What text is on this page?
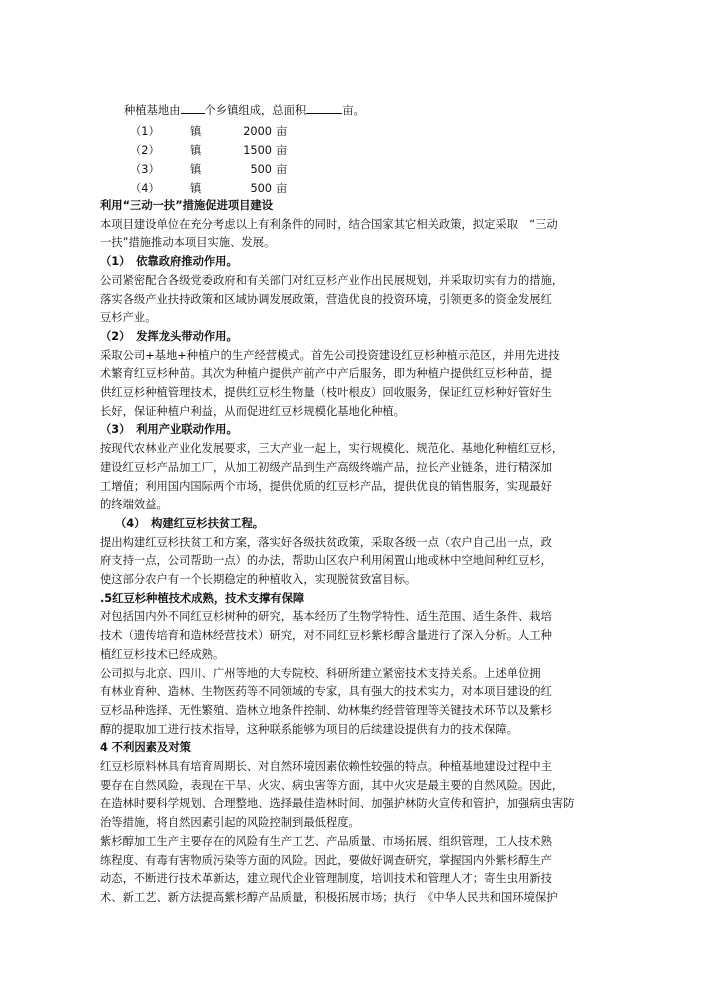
种植基地由 个乡镇组成，总面积	亩。
（1）	镇	2000 亩
（2）	镇	1500 亩
（3）	镇	500 亩
（4）	镇	500 亩
利用“三动一扶”措施促进项目建设
本项目建设单位在充分考虑以上有利条件的同时，结合国家其它相关政策，拟定采取　“三动
一扶”措施推动本项目实施、发展。
（1）　依靠政府推动作用。
公司紧密配合各级党委政府和有关部门对红豆杉产业作出民展规划，并采取切实有力的措施，
落实各级产业扶持政策和区域协调发展政策，营造优良的投资环境，引领更多的资金发展红
豆杉产业。
（2）　发挥龙头带动作用。
采取公司+基地+种植户的生产经营模式。首先公司投资建设红豆杉种植示范区，并用先进技
术繁育红豆杉种苗。其次为种植户提供产前产中产后服务，即为种植户提供红豆杉种苗，提
供红豆杉种植管理技术，提供红豆杉生物量（枝叶根皮）回收服务，保证红豆杉种好管好生
长好，保证种植户利益，从而促进红豆杉规模化基地化种植。
（3）　利用产业联动作用。
按现代农林业产业化发展要求，三大产业一起上，实行规模化、规范化、基地化种植红豆杉，
建设红豆杉产品加工厂，从加工初级产品到生产高级终端产品，拉长产业链条，进行精深加
工增值；利用国内国际两个市场，提供优质的红豆杉产品，提供优良的销售服务，实现最好
的终端效益。
（4）　构建红豆杉扶贫工程。
提出构建红豆杉扶贫工和方案，落实好各级扶贫政策，采取各级一点（农户自己出一点，政
府支持一点，公司帮助一点）的办法，帮助山区农户利用闲置山地或林中空地间种红豆杉，
使这部分农户有一个长期稳定的种植收入，实现脱贫致富目标。
.5红豆杉种植技术成熟，技术支撑有保障
对包括国内外不同红豆杉树种的研究，基本经历了生物学特性、适生范围、适生条件、栽培
技术（遗传培育和造林经营技术）研究，对不同红豆杉紫杉醇含量进行了深入分析。人工种
植红豆杉技术已经成熟。
公司拟与北京、四川、广州等地的大专院校、科研所建立紧密技术支持关系。上述单位拥
有林业育种、造林、生物医药等不同领域的专家，具有强大的技术实力，对本项目建设的红
豆杉品种选择、无性繁殖、造林立地条件控制、幼林集约经营管理等关键技术环节以及紫杉
醇的提取加工进行技术指导，这种联系能够为项目的后续建设提供有力的技术保障。
4 不利因素及对策
红豆杉原料林具有培育周期长、对自然环境因素依赖性较强的特点。种植基地建设过程中主
要存在自然风险，表现在干旱、火灾、病虫害等方面，其中火灾是最主要的自然风险。因此，
在造林时要科学规划、合理整地、选择最佳造林时间、加强护林防火宣传和管护，加强病虫害防
治等措施，将自然因素引起的风险控制到最低程度。
紫杉醇加工生产主要存在的风险有生产工艺、产品质量、市场拓展、组织管理，工人技术熟
练程度、有毒有害物质污染等方面的风险。因此，要做好调查研究，掌握国内外紫杉醇生产
动态，不断进行技术革新达，建立现代企业管理制度，培训技术和管理人才；寄生虫用新技
术、新工艺、新方法提高紫杉醇产品质量，积极拓展市场；执行　《中华人民共和国环境保护
